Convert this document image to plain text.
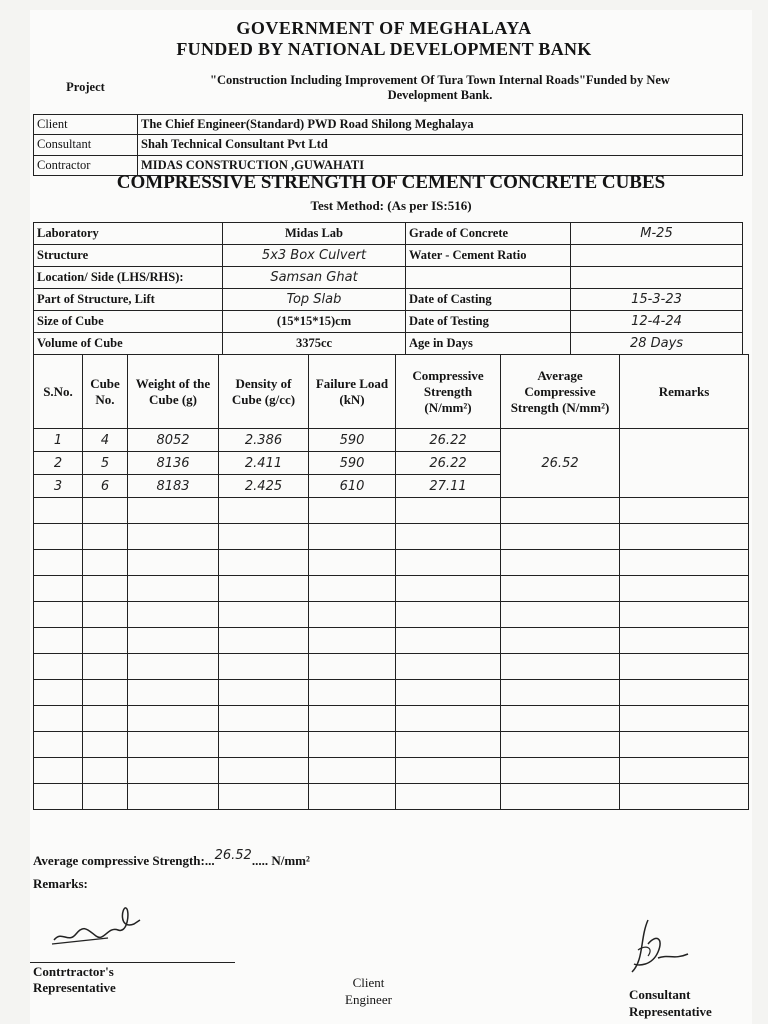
GOVERNMENT OF MEGHALAYA
FUNDED BY NATIONAL DEVELOPMENT BANK
Project	"Construction Including Improvement Of Tura Town Internal Roads"Funded by New
Development Bank.

Client	The Chief Engineer(Standard) PWD Road Shilong Meghalaya
Consultant	Shah Technical Consultant Pvt Ltd
Contractor	MIDAS CONSTRUCTION ,GUWAHATI
COMPRESSIVE STRENGTH OF CEMENT CONCRETE CUBES
Test Method: (As per IS:516)
Laboratory	Midas Lab	Grade of Concrete	M-25
Structure	5x3 Box Culvert	Water - Cement Ratio	
Location/ Side (LHS/RHS):	Samsan Ghat		
Part of Structure, Lift	Top Slab	Date of Casting	15-3-23
Size of Cube	(15*15*15)cm	Date of Testing	12-4-24
Volume of Cube	3375cc	Age in Days	28 Days
S.No.	Cube No.	Weight of the Cube (g)	Density of Cube (g/cc)	Failure Load (kN)	Compressive Strength (N/mm²)	Average Compressive Strength (N/mm²)	Remarks
1	4	8052	2.386	590	26.22	26.52	
2	5	8136	2.411	590	26.22		
3	6	8183	2.425	610	27.11		

Average compressive Strength:...26.52..... N/mm²
Remarks:
Contrtractor's
Representative	Client
Engineer	Consultant
Representative
